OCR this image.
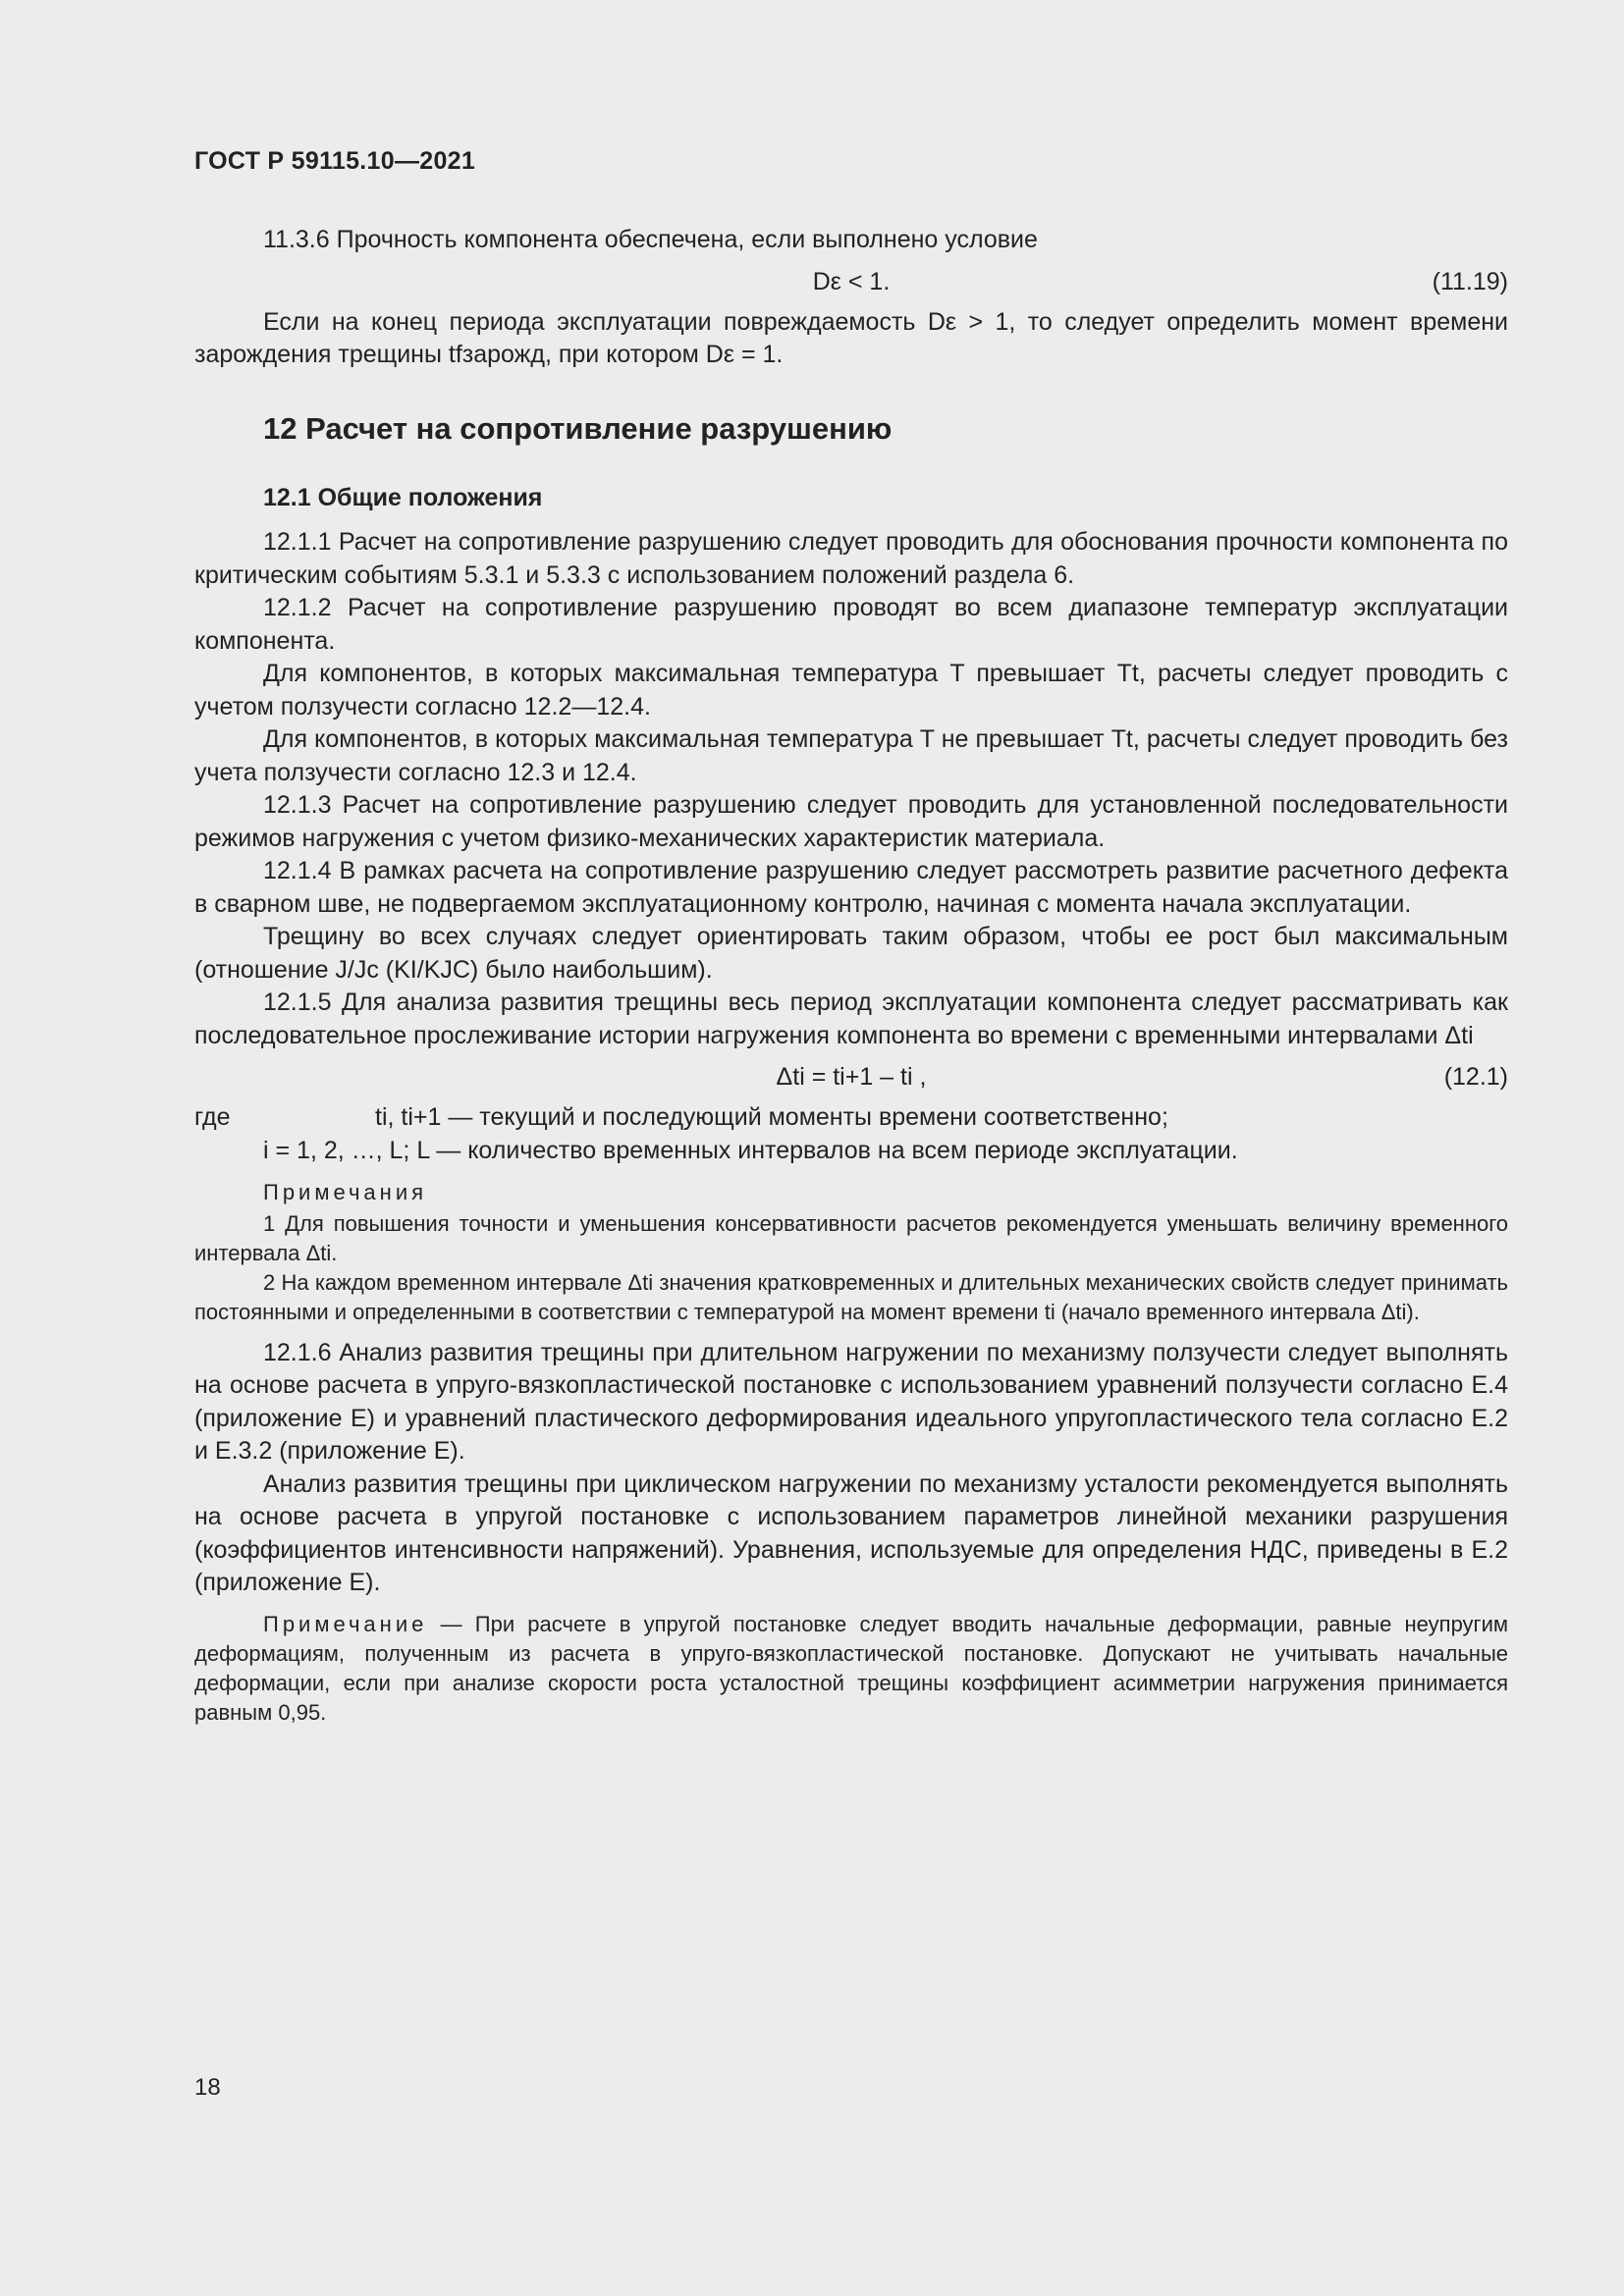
ГОСТ Р 59115.10—2021

11.3.6 Прочность компонента обеспечена, если выполнено условие

Dε < 1.	(11.19)

Если на конец периода эксплуатации повреждаемость Dε > 1, то следует определить момент времени зарождения трещины tfзарожд, при котором Dε = 1.

12 Расчет на сопротивление разрушению
12.1 Общие положения

12.1.1 Расчет на сопротивление разрушению следует проводить для обоснования прочности компонента по критическим событиям 5.3.1 и 5.3.3 с использованием положений раздела 6.

12.1.2 Расчет на сопротивление разрушению проводят во всем диапазоне температур эксплуатации компонента.

Для компонентов, в которых максимальная температура T превышает Tt, расчеты следует проводить с учетом ползучести согласно 12.2—12.4.

Для компонентов, в которых максимальная температура T не превышает Tt, расчеты следует проводить без учета ползучести согласно 12.3 и 12.4.

12.1.3 Расчет на сопротивление разрушению следует проводить для установленной последовательности режимов нагружения с учетом физико-механических характеристик материала.

12.1.4 В рамках расчета на сопротивление разрушению следует рассмотреть развитие расчетного дефекта в сварном шве, не подвергаемом эксплуатационному контролю, начиная с момента начала эксплуатации.

Трещину во всех случаях следует ориентировать таким образом, чтобы ее рост был максимальным (отношение J/Jc (KI/KJC) было наибольшим).

12.1.5 Для анализа развития трещины весь период эксплуатации компонента следует рассматривать как последовательное прослеживание истории нагружения компонента во времени с временными интервалами Δti

Δti = ti+1 – ti ,	(12.1)
где	ti, ti+1 — текущий и последующий моменты времени соответственно;

i = 1, 2, …, L; L — количество временных интервалов на всем периоде эксплуатации.

Примечания

1 Для повышения точности и уменьшения консервативности расчетов рекомендуется уменьшать величину временного интервала Δti.

2 На каждом временном интервале Δti значения кратковременных и длительных механических свойств следует принимать постоянными и определенными в соответствии с температурой на момент времени ti (начало временного интервала Δti).

12.1.6 Анализ развития трещины при длительном нагружении по механизму ползучести следует выполнять на основе расчета в упруго-вязкопластической постановке с использованием уравнений ползучести согласно Е.4 (приложение Е) и уравнений пластического деформирования идеального упругопластического тела согласно Е.2 и Е.3.2 (приложение Е).

Анализ развития трещины при циклическом нагружении по механизму усталости рекомендуется выполнять на основе расчета в упругой постановке с использованием параметров линейной механики разрушения (коэффициентов интенсивности напряжений). Уравнения, используемые для определения НДС, приведены в Е.2 (приложение Е).

Примечание — При расчете в упругой постановке следует вводить начальные деформации, равные неупругим деформациям, полученным из расчета в упруго-вязкопластической постановке. Допускают не учитывать начальные деформации, если при анализе скорости роста усталостной трещины коэффициент асимметрии нагружения принимается равным 0,95.

18
